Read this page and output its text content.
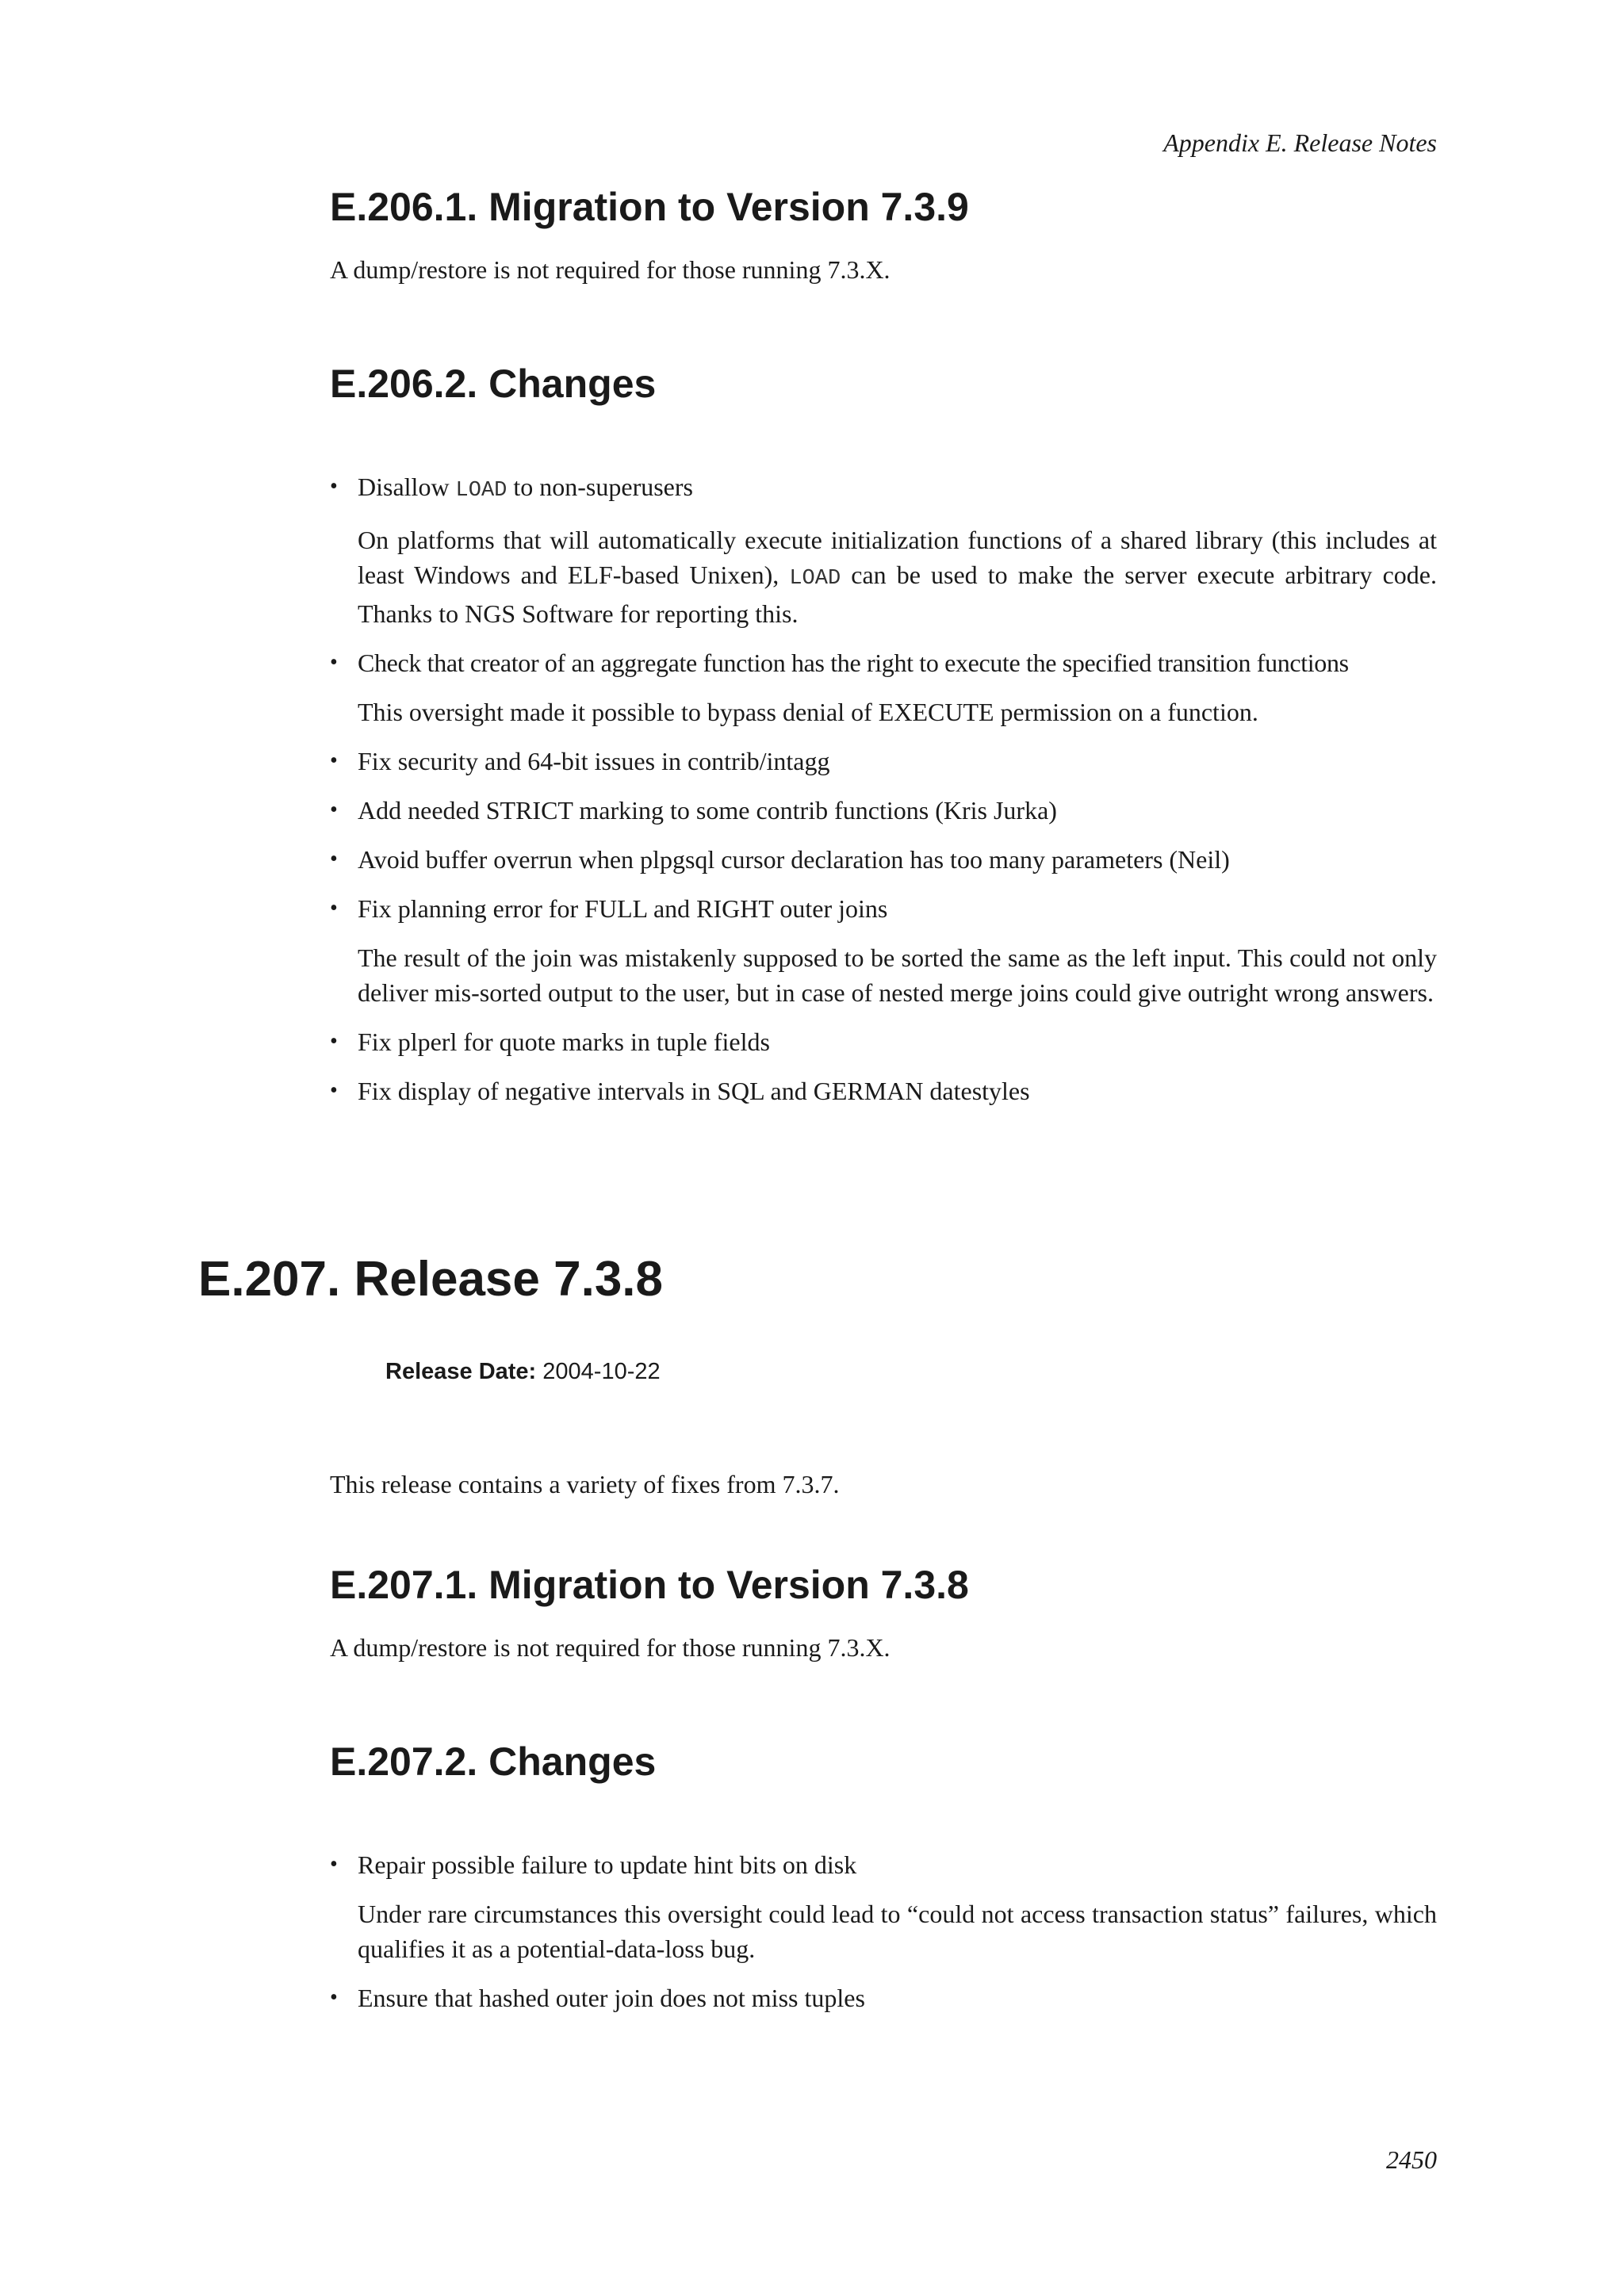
Appendix E. Release Notes
E.206.1. Migration to Version 7.3.9

A dump/restore is not required for those running 7.3.X.

E.206.2. Changes

• Disallow LOAD to non-superusers

On platforms that will automatically execute initialization functions of a shared library (this includes at least Windows and ELF-based Unixen), LOAD can be used to make the server execute arbitrary code. Thanks to NGS Software for reporting this.

• Check that creator of an aggregate function has the right to execute the specified transition functions

This oversight made it possible to bypass denial of EXECUTE permission on a function.

• Fix security and 64-bit issues in contrib/intagg

• Add needed STRICT marking to some contrib functions (Kris Jurka)

• Avoid buffer overrun when plpgsql cursor declaration has too many parameters (Neil)

• Fix planning error for FULL and RIGHT outer joins

The result of the join was mistakenly supposed to be sorted the same as the left input. This could not only deliver mis-sorted output to the user, but in case of nested merge joins could give outright wrong answers.

• Fix plperl for quote marks in tuple fields

• Fix display of negative intervals in SQL and GERMAN datestyles

E.207. Release 7.3.8
Release Date: 2004-10-22

This release contains a variety of fixes from 7.3.7.

E.207.1. Migration to Version 7.3.8

A dump/restore is not required for those running 7.3.X.

E.207.2. Changes

• Repair possible failure to update hint bits on disk

Under rare circumstances this oversight could lead to “could not access transaction status” failures, which qualifies it as a potential-data-loss bug.

• Ensure that hashed outer join does not miss tuples

2450
